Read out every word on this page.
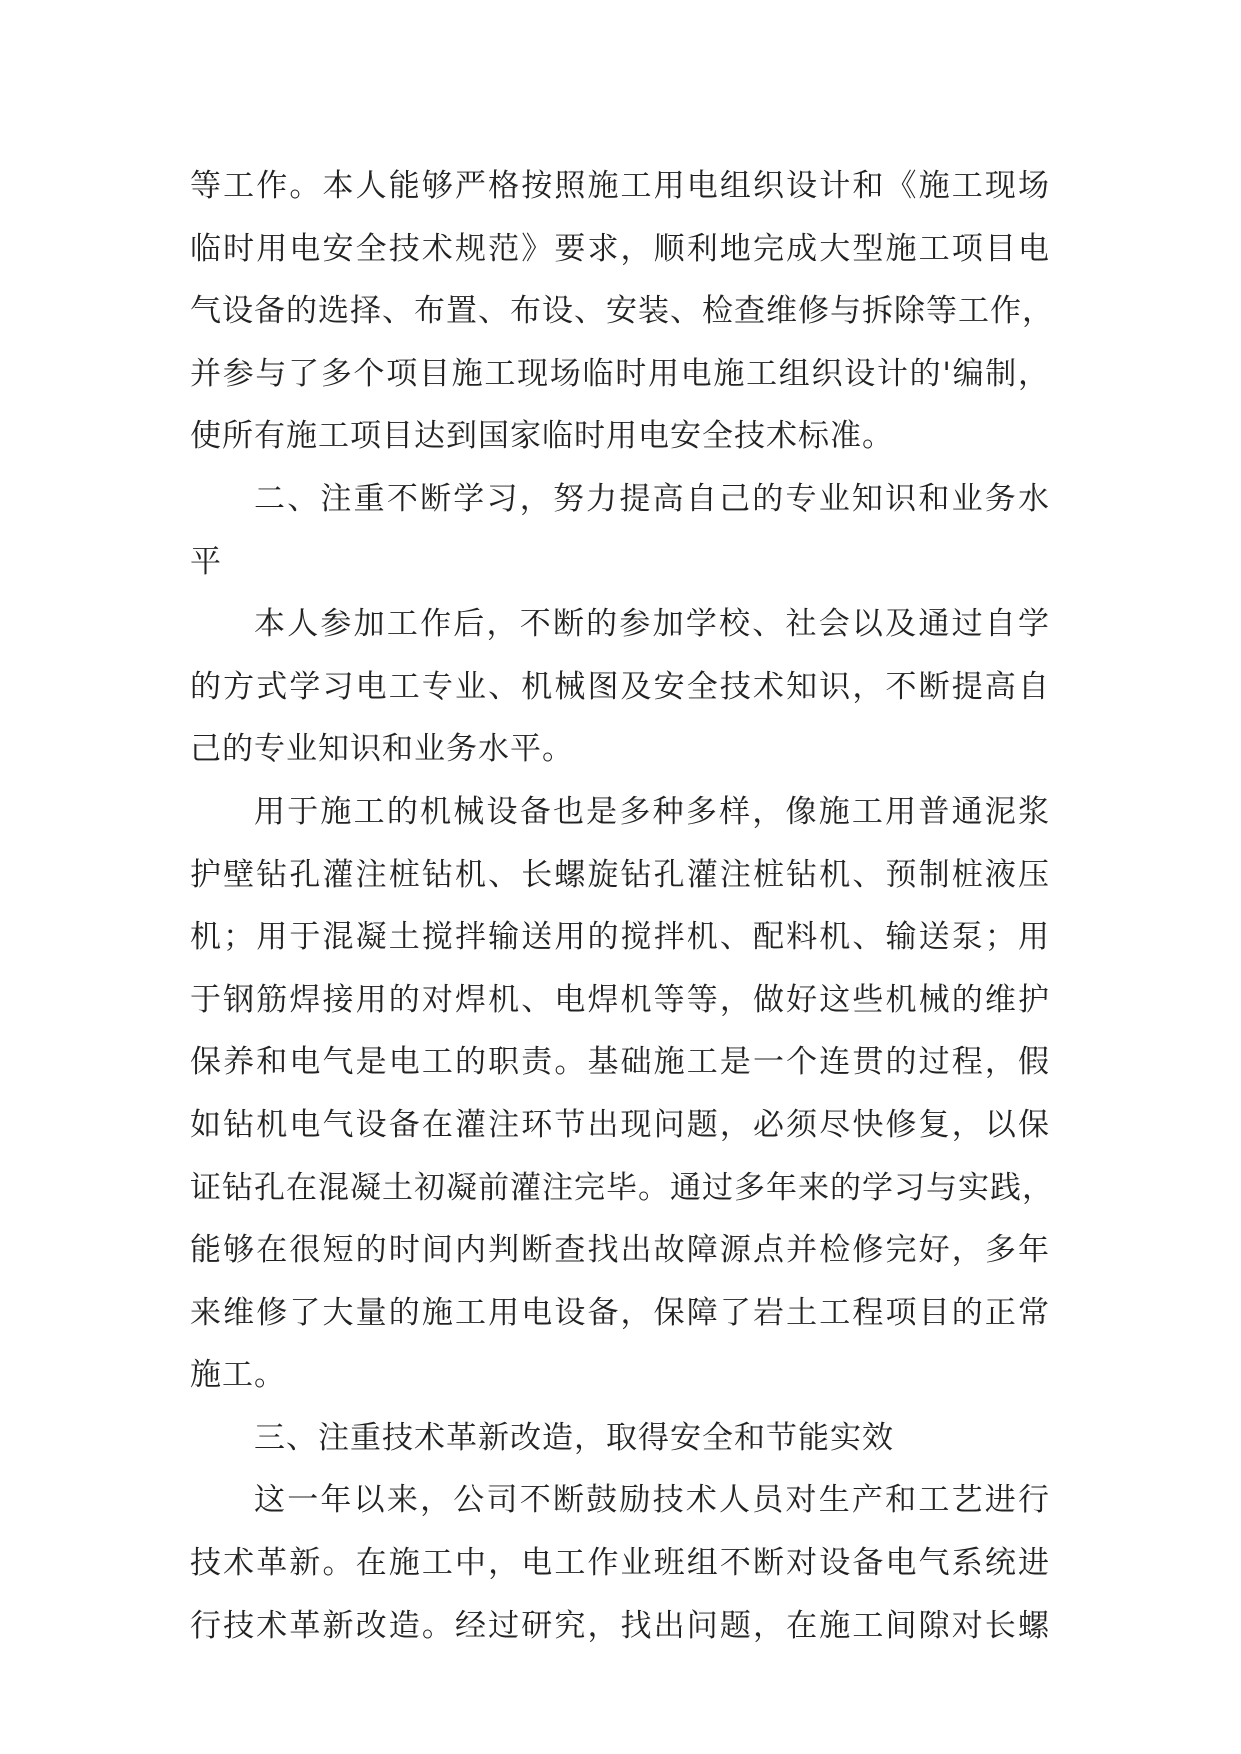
等工作。本人能够严格按照施工用电组织设计和《施工现场
临时用电安全技术规范》要求，顺利地完成大型施工项目电
气设备的选择、布置、布设、安装、检查维修与拆除等工作，
并参与了多个项目施工现场临时用电施工组织设计的'编制，
使所有施工项目达到国家临时用电安全技术标准。
二、注重不断学习，努力提高自己的专业知识和业务水
平
本人参加工作后，不断的参加学校、社会以及通过自学
的方式学习电工专业、机械图及安全技术知识，不断提高自
己的专业知识和业务水平。
用于施工的机械设备也是多种多样，像施工用普通泥浆
护壁钻孔灌注桩钻机、长螺旋钻孔灌注桩钻机、预制桩液压
机；用于混凝土搅拌输送用的搅拌机、配料机、输送泵；用
于钢筋焊接用的对焊机、电焊机等等，做好这些机械的维护
保养和电气是电工的职责。基础施工是一个连贯的过程，假
如钻机电气设备在灌注环节出现问题，必须尽快修复，以保
证钻孔在混凝土初凝前灌注完毕。通过多年来的学习与实践，
能够在很短的时间内判断查找出故障源点并检修完好，多年
来维修了大量的施工用电设备，保障了岩土工程项目的正常
施工。
三、注重技术革新改造，取得安全和节能实效
这一年以来，公司不断鼓励技术人员对生产和工艺进行
技术革新。在施工中，电工作业班组不断对设备电气系统进
行技术革新改造。经过研究，找出问题，在施工间隙对长螺
